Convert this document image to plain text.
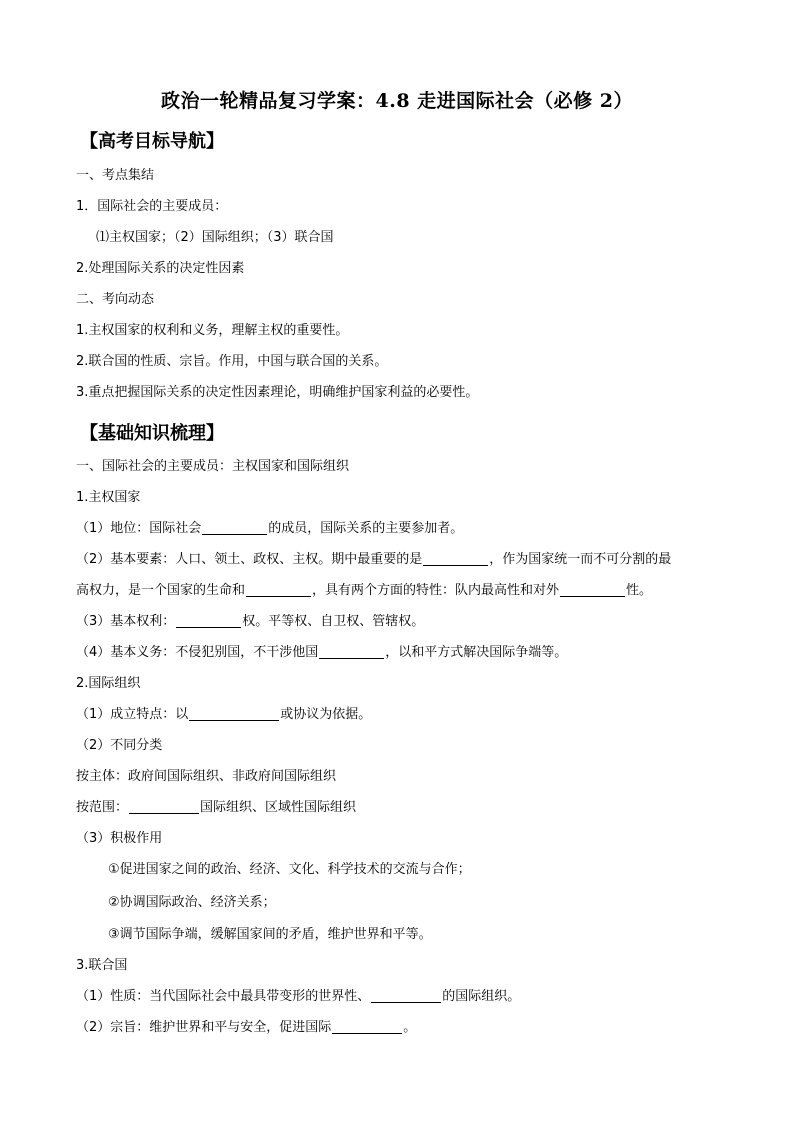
政治一轮精品复习学案：4.8 走进国际社会（必修 2）
【高考目标导航】
一、考点集结
1．国际社会的主要成员：
⑴主权国家；（2）国际组织；（3）联合国
2.处理国际关系的决定性因素
二、考向动态
1.主权国家的权利和义务，理解主权的重要性。
2.联合国的性质、宗旨。作用，中国与联合国的关系。
3.重点把握国际关系的决定性因素理论，明确维护国家利益的必要性。
【基础知识梳理】
一、国际社会的主要成员：主权国家和国际组织
1.主权国家
（1）地位：国际社会	的成员，国际关系的主要参加者。
（2）基本要素：人口、领土、政权、主权。期中最重要的是	，作为国家统一而不可分割的最
高权力，是一个国家的生命和	，具有两个方面的特性：队内最高性和对外	性。
（3）基本权利：	权。平等权、自卫权、管辖权。
（4）基本义务：不侵犯别国，不干涉他国	，以和平方式解决国际争端等。
2.国际组织
（1）成立特点：以	或协议为依据。
（2）不同分类
按主体：政府间国际组织、非政府间国际组织
按范围：	国际组织、区域性国际组织
（3）积极作用
①促进国家之间的政治、经济、文化、科学技术的交流与合作；
②协调国际政治、经济关系；
③调节国际争端，缓解国家间的矛盾，维护世界和平等。
3.联合国
（1）性质：当代国际社会中最具带变形的世界性、	的国际组织。
（2）宗旨：维护世界和平与安全，促进国际	。
